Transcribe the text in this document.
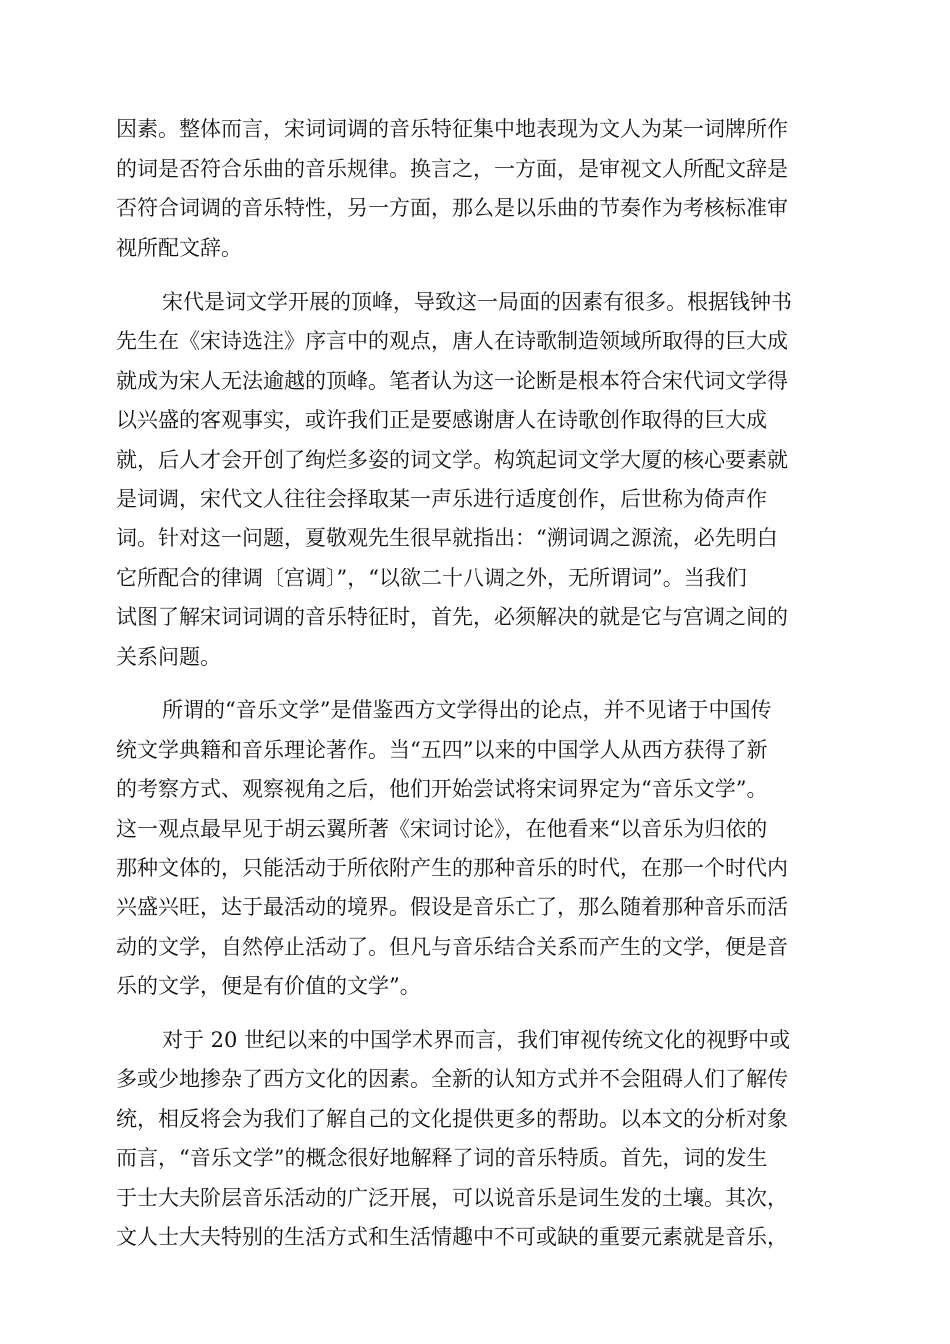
因素。整体而言，宋词词调的音乐特征集中地表现为文人为某一词牌所作

的词是否符合乐曲的音乐规律。换言之，一方面，是审视文人所配文辞是

否符合词调的音乐特性，另一方面，那么是以乐曲的节奏作为考核标准审

视所配文辞。

宋代是词文学开展的顶峰，导致这一局面的因素有很多。根据钱钟书

先生在《宋诗选注》序言中的观点，唐人在诗歌制造领域所取得的巨大成

就成为宋人无法逾越的顶峰。笔者认为这一论断是根本符合宋代词文学得

以兴盛的客观事实，或许我们正是要感谢唐人在诗歌创作取得的巨大成

就，后人才会开创了绚烂多姿的词文学。构筑起词文学大厦的核心要素就

是词调，宋代文人往往会择取某一声乐进行适度创作，后世称为倚声作

词。针对这一问题，夏敬观先生很早就指出：“溯词调之源流，必先明白

它所配合的律调〔宫调〕”，“以欲二十八调之外，无所谓词”。当我们

试图了解宋词词调的音乐特征时，首先，必须解决的就是它与宫调之间的

关系问题。

所谓的“音乐文学”是借鉴西方文学得出的论点，并不见诸于中国传

统文学典籍和音乐理论著作。当“五四”以来的中国学人从西方获得了新

的考察方式、观察视角之后，他们开始尝试将宋词界定为“音乐文学”。

这一观点最早见于胡云翼所著《宋词讨论》，在他看来“以音乐为归依的

那种文体的，只能活动于所依附产生的那种音乐的时代，在那一个时代内

兴盛兴旺，达于最活动的境界。假设是音乐亡了，那么随着那种音乐而活

动的文学，自然停止活动了。但凡与音乐结合关系而产生的文学，便是音

乐的文学，便是有价值的文学”。

对于 20 世纪以来的中国学术界而言，我们审视传统文化的视野中或

多或少地掺杂了西方文化的因素。全新的认知方式并不会阻碍人们了解传

统，相反将会为我们了解自己的文化提供更多的帮助。以本文的分析对象

而言，“音乐文学”的概念很好地解释了词的音乐特质。首先，词的发生

于士大夫阶层音乐活动的广泛开展，可以说音乐是词生发的土壤。其次，

文人士大夫特别的生活方式和生活情趣中不可或缺的重要元素就是音乐，
